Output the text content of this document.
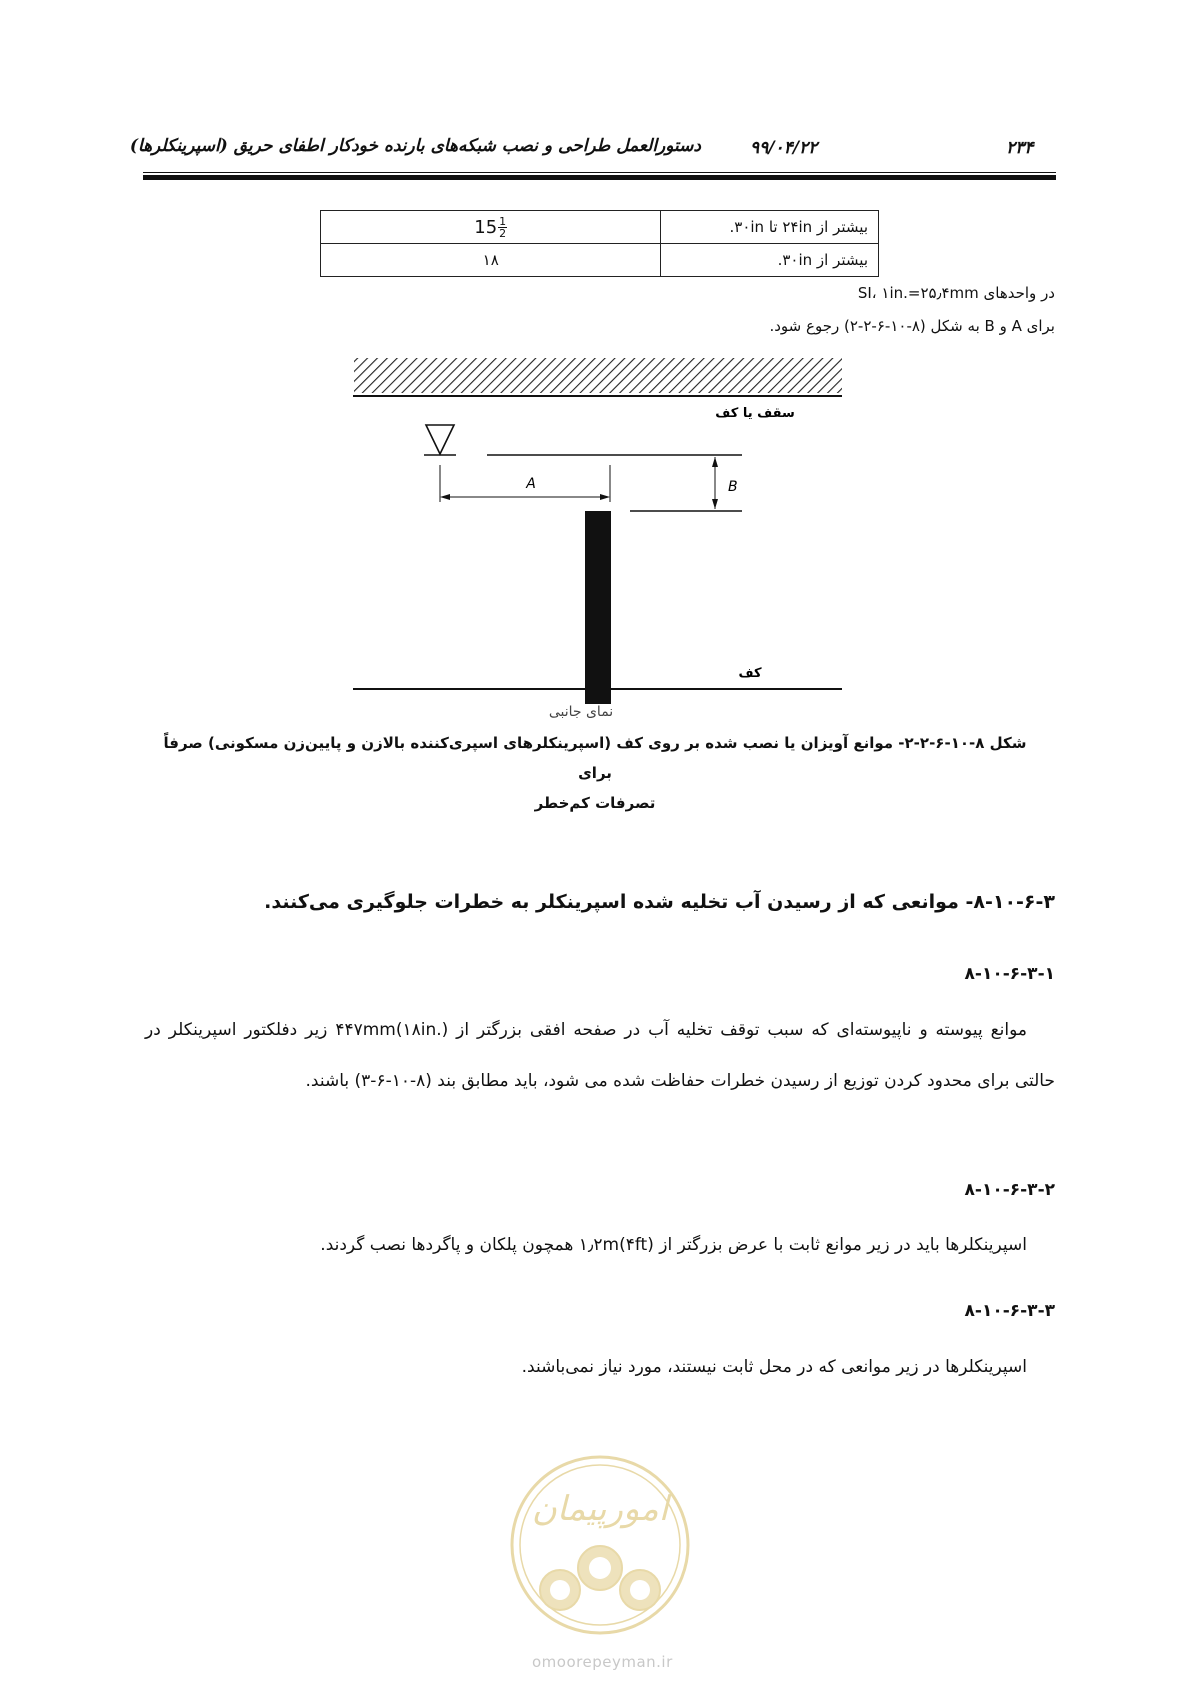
۲۳۴
۹۹/۰۴/۲۲
دستورالعمل طراحی و نصب شبکه‌های بارنده خودکار اطفای حریق (اسپرینکلرها)
$15 \frac{1}{2}$	بیشتر از ۲۴in تا ۳۰in.
۱۸	بیشتر از ۳۰in.
در واحدهای SI، ۱in.=۲۵٫۴mm
برای A و B به شکل (۸-۱۰-۶-۲-۲) رجوع شود.
سقف یا کف
A	B
کف
نمای جانبی
شکل ۸-۱۰-۶-۲-۲- موانع آویزان یا نصب شده بر روی کف (اسپرینکلرهای اسپری‌کننده بالازن و پایین‌زن مسکونی) صرفاً برای
تصرفات کم‌خطر
۸-۱۰-۶-۳- موانعی که از رسیدن آب تخلیه شده اسپرینکلر به خطرات جلوگیری می‌کنند.
۸-۱۰-۶-۳-۱
موانع پیوسته و ناپیوسته‌ای که سبب توقف تخلیه آب در صفحه افقی بزرگتر از ۴۴۷mm(۱۸in.) زیر دفلکتور اسپرینکلر در حالتی برای محدود کردن توزیع از رسیدن خطرات حفاظت شده می شود، باید مطابق بند (۸-۱۰-۶-۳) باشند.
۸-۱۰-۶-۳-۲
اسپرینکلرها باید در زیر موانع ثابت با عرض بزرگتر از ۱٫۲m(۴ft) همچون پلکان و پاگردها نصب گردند.
۸-۱۰-۶-۳-۳
اسپرینکلرها در زیر موانعی که در محل ثابت نیستند، مورد نیاز نمی‌باشند.
امورپیمان
omoorepeyman.ir
